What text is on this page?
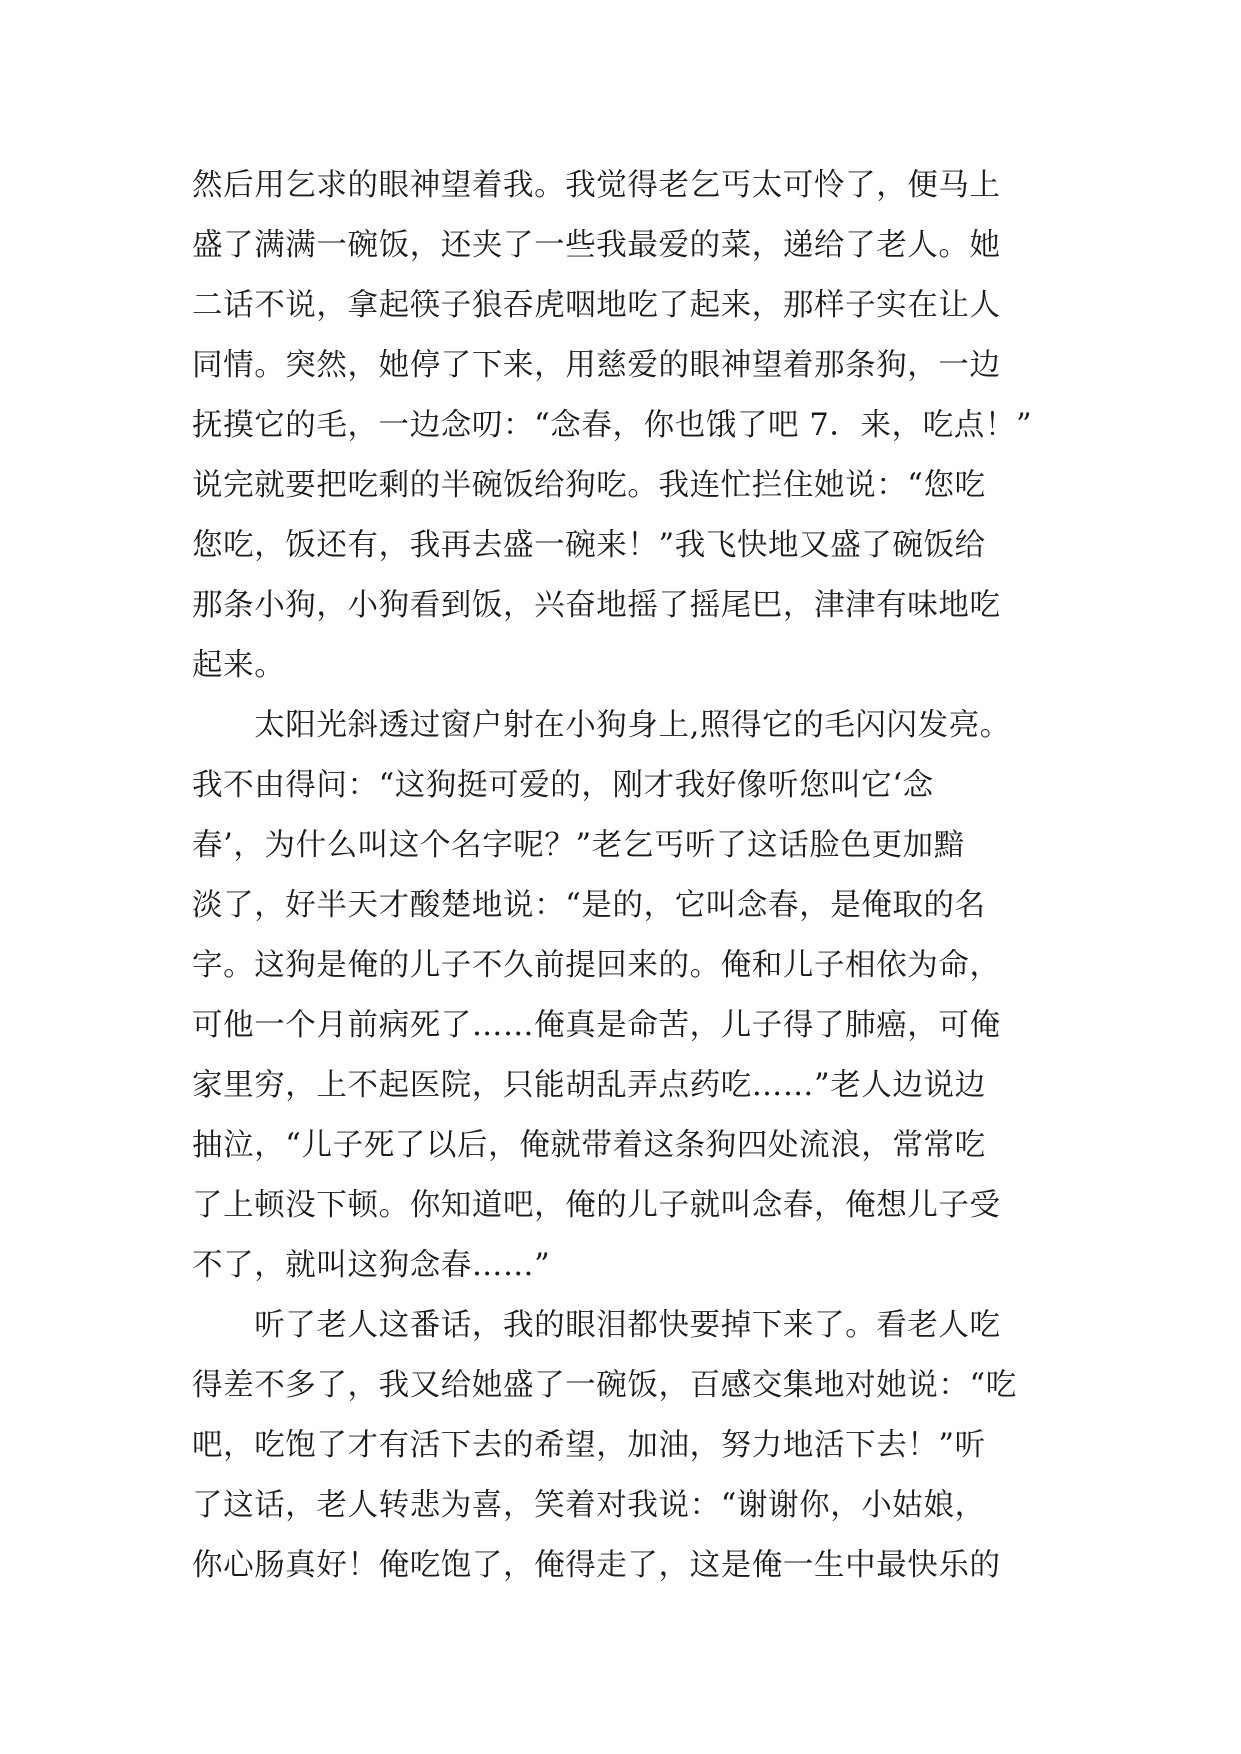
然后用乞求的眼神望着我。我觉得老乞丐太可怜了，便马上
盛了满满一碗饭，还夹了一些我最爱的菜，递给了老人。她
二话不说，拿起筷子狼吞虎咽地吃了起来，那样子实在让人
同情。突然，她停了下来，用慈爱的眼神望着那条狗，一边
抚摸它的毛，一边念叨：“念春，你也饿了吧 7．来，吃点！”
说完就要把吃剩的半碗饭给狗吃。我连忙拦住她说：“您吃
您吃，饭还有，我再去盛一碗来！”我飞快地又盛了碗饭给
那条小狗，小狗看到饭，兴奋地摇了摇尾巴，津津有味地吃
起来。
　　太阳光斜透过窗户射在小狗身上,照得它的毛闪闪发亮。
我不由得问：“这狗挺可爱的，刚才我好像听您叫它‘念
春’，为什么叫这个名字呢？”老乞丐听了这话脸色更加黯
淡了，好半天才酸楚地说：“是的，它叫念春，是俺取的名
字。这狗是俺的儿子不久前提回来的。俺和儿子相依为命，
可他一个月前病死了……俺真是命苦，儿子得了肺癌，可俺
家里穷，上不起医院，只能胡乱弄点药吃……”老人边说边
抽泣，“儿子死了以后，俺就带着这条狗四处流浪，常常吃
了上顿没下顿。你知道吧，俺的儿子就叫念春，俺想儿子受
不了，就叫这狗念春……”
　　听了老人这番话，我的眼泪都快要掉下来了。看老人吃
得差不多了，我又给她盛了一碗饭，百感交集地对她说：“吃
吧，吃饱了才有活下去的希望，加油，努力地活下去！”听
了这话，老人转悲为喜，笑着对我说：“谢谢你，小姑娘，
你心肠真好！俺吃饱了，俺得走了，这是俺一生中最快乐的
